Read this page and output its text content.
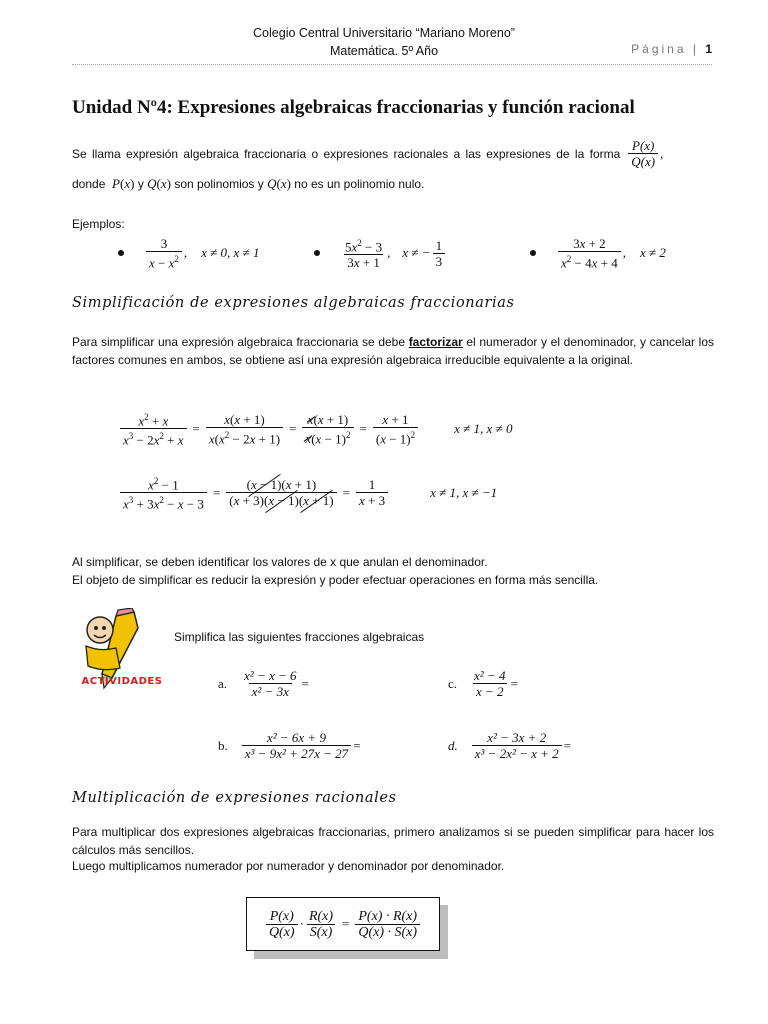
Colegio Central Universitario “Mariano Moreno”
Matemática. 5º Año	Página | 1
Unidad Nº4: Expresiones algebraicas fraccionarias y función racional
Se llama expresión algebraica fraccionaria o expresiones racionales a las expresiones de la forma $\frac{P(x)}{Q(x)}$ ,
donde
P ( x )
y
Q ( x )
son polinomios y
Q ( x )
no es un polinomio nulo.
Ejemplos:
$\frac{3}{x - x^2}$ , x ≠ 0, x ≠ 1	$\frac{5x^2 - 3}{3x + 1}$ , x ≠ − $\frac{1}{3}$	$\frac{3x + 2}{x^2 - 4x + 4}$ , x ≠ 2
Simplificación de expresiones algebraicas fraccionarias
Para simplificar una expresión algebraica fraccionaria se debe factorizar el numerador y el denominador, y cancelar los factores comunes en ambos, se obtiene así una expresión algebraica irreducible equivalente a la original.
$\frac{x^2 + x}{x^3 - 2x^2 + x} = \frac{x(x + 1)}{x(x^2 - 2x + 1)} = \frac{x(x + 1)}{x(x - 1)^2} = \frac{x + 1}{(x - 1)^2}$	x ≠ 1, x ≠ 0
$\frac{x^2 - 1}{x^3 + 3x^2 - x - 3} = \frac{(x - 1)(x + 1)}{(x + 3)(x - 1)(x + 1)} = \frac{1}{x + 3}$	x ≠ 1, x ≠ −1
Al simplificar, se deben identificar los valores de x que anulan el denominador.
El objeto de simplificar es reducir la expresión y poder efectuar operaciones en forma más sencilla.
ACTIVIDADES
Simplifica las siguientes fracciones algebraicas
a. $\frac{\text{x² − x − 6}}{\text{x² − 3x}}$ =	c. $\frac{\text{x² − 4}}{x - 2}$ =
b. $\frac{\text{x² − 6x + 9}}{\text{x³ − 9x² + 27x − 27}}$ =	d. $\frac{\text{x² − 3x + 2}}{\text{x³ − 2x² − x + 2}}$ =
Multiplicación de expresiones racionales
Para multiplicar dos expresiones algebraicas fraccionarias, primero analizamos si se pueden simplificar para hacer los cálculos más sencillos.
Luego multiplicamos numerador por numerador y denominador por denominador.
$\frac{P(x)}{Q(x)} \cdot \frac{R(x)}{S(x)} = \frac{P(x) \cdot R(x)}{Q(x) \cdot S(x)}$
